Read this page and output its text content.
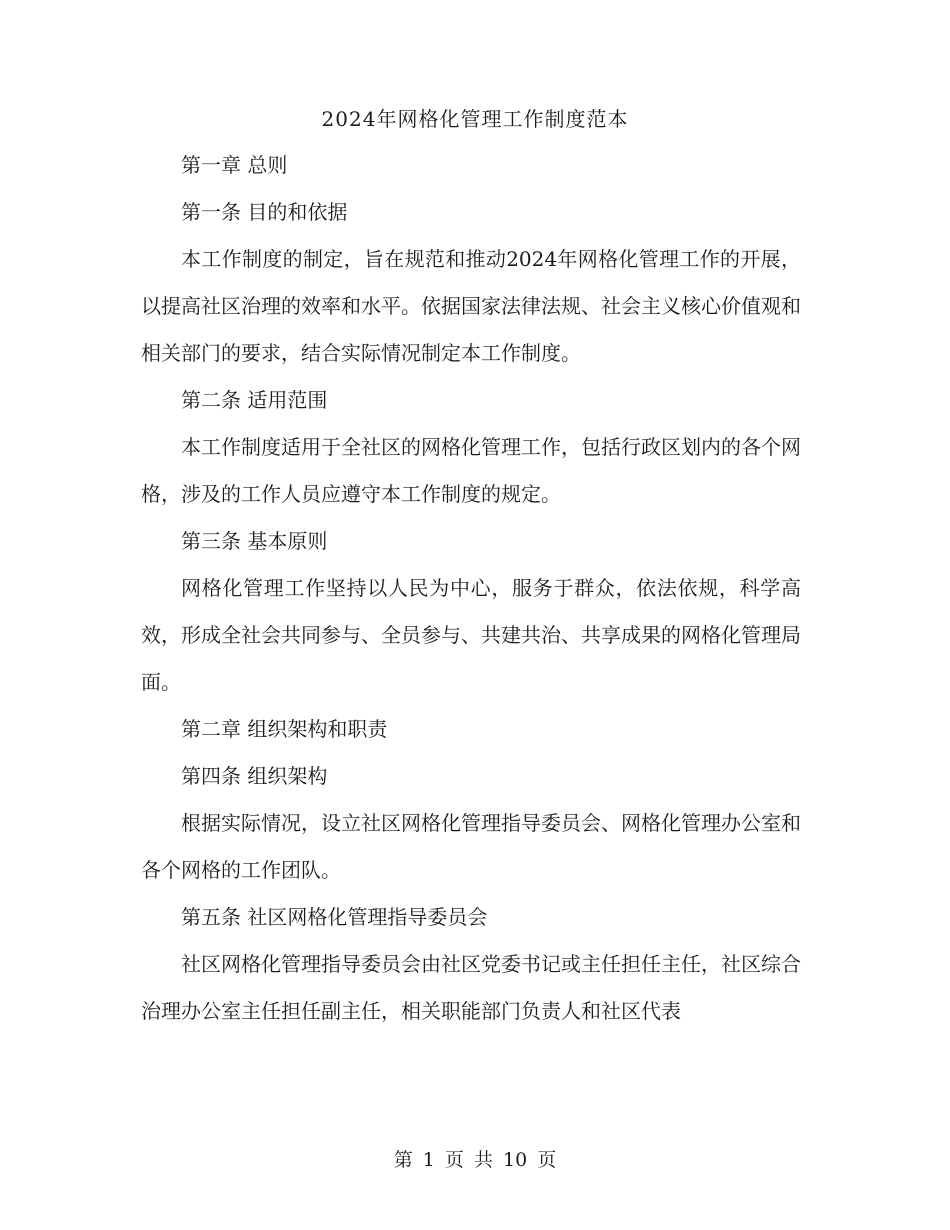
2024年网格化管理工作制度范本

第一章 总则

第一条 目的和依据

本工作制度的制定，旨在规范和推动2024年网格化管理工作的开展，以提高社区治理的效率和水平。依据国家法律法规、社会主义核心价值观和相关部门的要求，结合实际情况制定本工作制度。

第二条 适用范围

本工作制度适用于全社区的网格化管理工作，包括行政区划内的各个网格，涉及的工作人员应遵守本工作制度的规定。

第三条 基本原则

网格化管理工作坚持以人民为中心，服务于群众，依法依规，科学高效，形成全社会共同参与、全员参与、共建共治、共享成果的网格化管理局面。

第二章 组织架构和职责

第四条 组织架构

根据实际情况，设立社区网格化管理指导委员会、网格化管理办公室和各个网格的工作团队。

第五条 社区网格化管理指导委员会

社区网格化管理指导委员会由社区党委书记或主任担任主任，社区综合治理办公室主任担任副主任，相关职能部门负责人和社区代表

第 1 页 共 10 页
